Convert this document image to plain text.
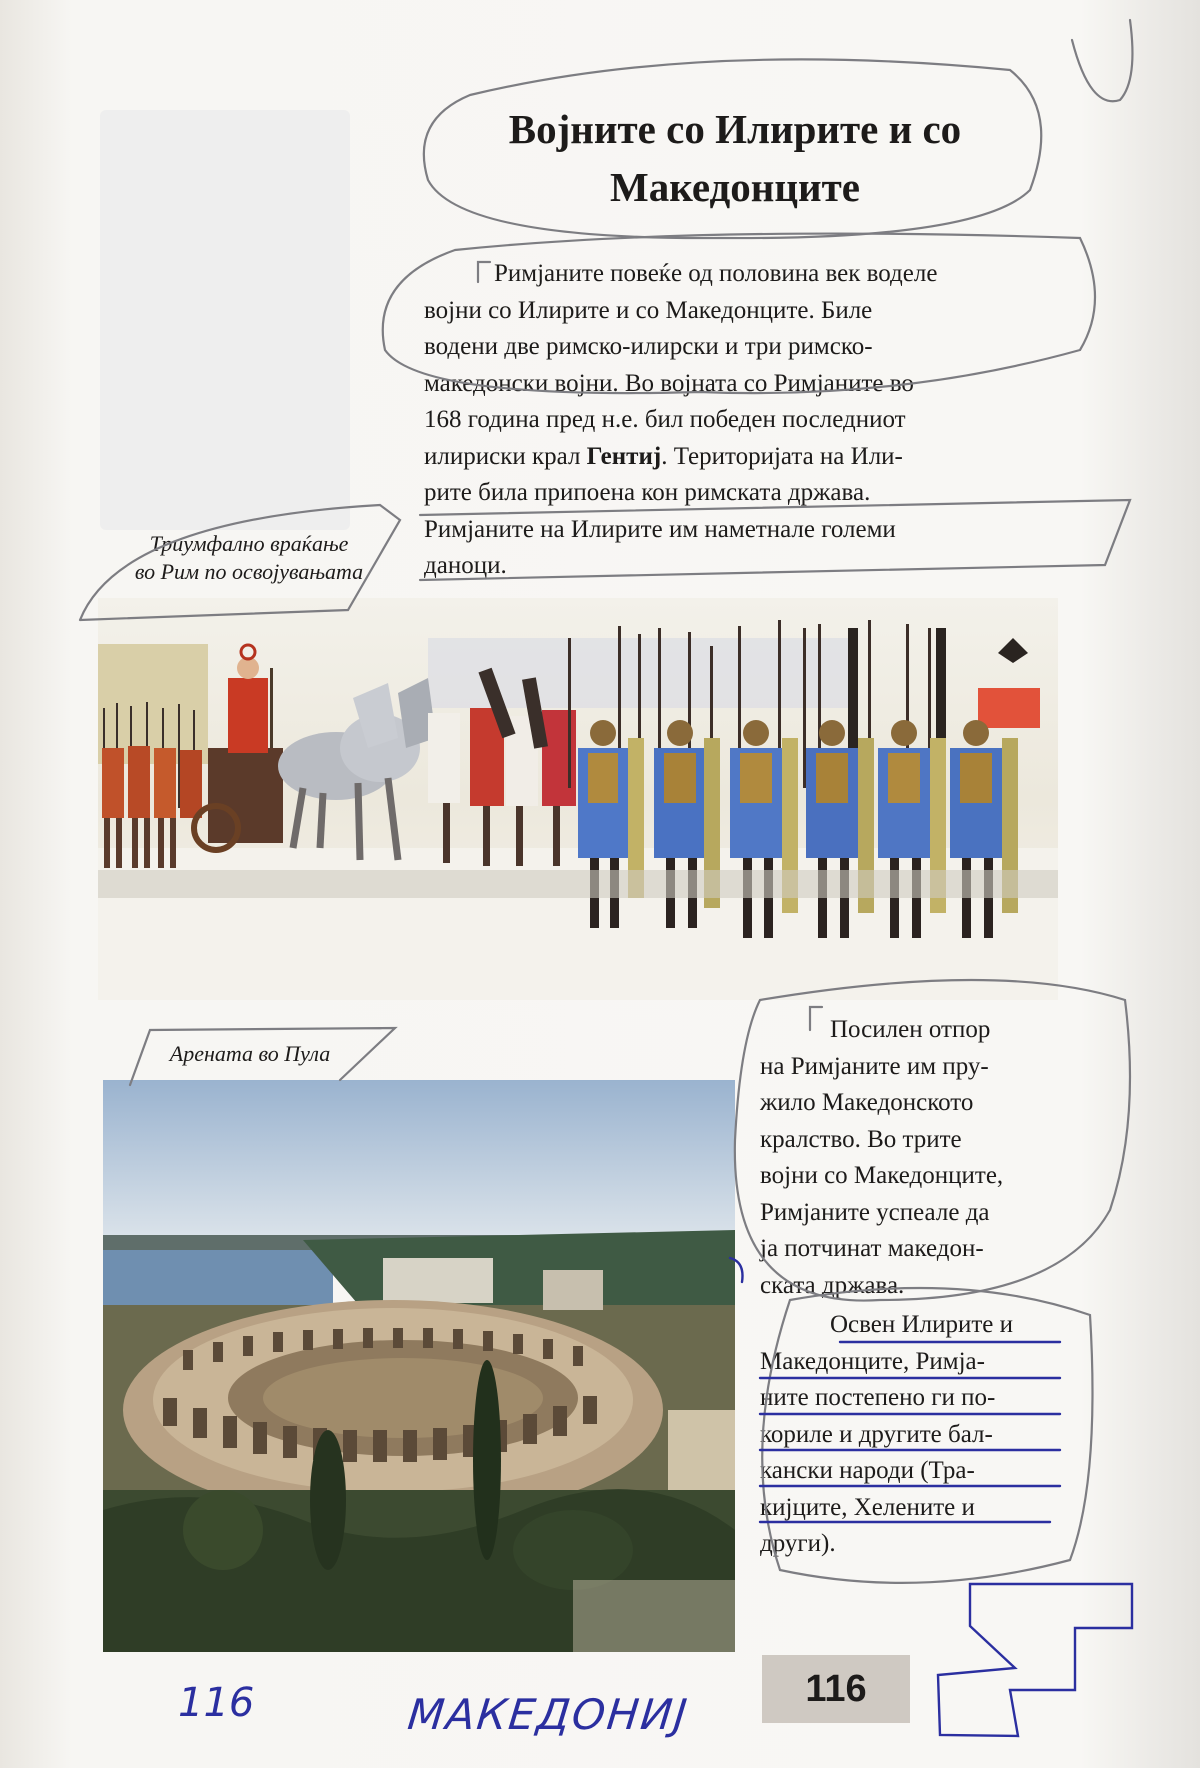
Војните со Илирите и со
Македонците

Римјаните повеќе од половина век воделе
војни со Илирите и со Македонците. Биле
водени две римско-илирски и три римско-
македонски војни. Во војната со Римјаните во
168 година пред н.е. бил победен последниот
илириски крал Гентиј. Територијата на Или-
рите била припоена кон римската држава.
Римјаните на Илирите им наметнале големи
даноци.

Триумфално враќање
во Рим по освојувањата

Арената во Пула

Посилен отпор
на Римјаните им пру-
жило Македонското
кралство. Во трите
војни со Македонците,
Римјаните успеале да
ја потчинат македон-
ската држава.

Освен Илирите и
Македонците, Римја-
ните постепено ги по-
кориле и другите бал-
кански народи (Тра-
кијците, Хелените и
други).

116
116	МАКЕДОНИЈ
